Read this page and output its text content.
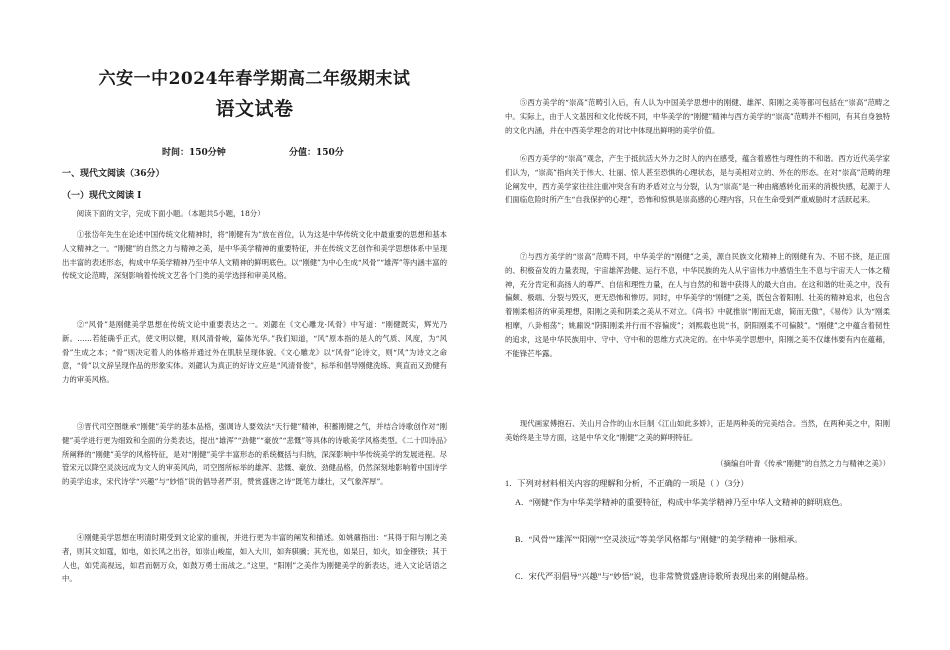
六安一中2024年春学期高二年级期末试
语文试卷
时间：150分钟	分值：150分
一、现代文阅读（36分）
（一）现代文阅读 Ⅰ

阅读下面的文字，完成下面小题。（本题共5小题，18分）

①张岱年先生在论述中国传统文化精神时，将“刚健有为”放在首位，认为这是中华传统文化中最重要的思想和基本人文精神之一。“刚健”的自然之力与精神之美，是中华美学精神的重要特征，并在传统文艺创作和美学思想体系中呈现出丰富的表述形态，构成中华美学精神乃至中华人文精神的鲜明底色。以“刚健”为中心生成“风骨”“雄浑”等内涵丰富的传统文论范畴，深刻影响着传统文艺各个门类的美学选择和审美风格。

②“风骨”是刚健美学思想在传统文论中重要表达之一。刘勰在《文心雕龙·风骨》中写道：“刚健既实，辉光乃新。……若能确乎正式，使文明以健，则风清骨峻，篇体光华。”我们知道，“风”原本指的是人的气质、风度，为“风骨”生成之本；“骨”则决定着人的体格并通过外在肌肤呈现体貌。《文心雕龙》以“风骨”论诗文，则“风”为诗文之命意，“骨”以文辞呈现作品的形象实体。刘勰认为真正的好诗文应是“风清骨俊”，标举和倡导刚健洗练、爽直而又劲健有力的审美风格。

③晋代司空图继承“刚健”美学的基本品格，强调诗人要效法“天行健”精神，积蓄刚健之气，并结合诗歌创作对“刚健”美学进行更为细致和全面的分类表达，提出“雄浑”“劲健”“豪放”“悲慨”等具体的诗歌美学风格类型。《二十四诗品》所阐释的“刚健”美学的风格特征，是对“刚健”美学丰富形态的系统概括与归纳，深深影响中华传统美学的发展进程。尽管宋元以降空灵淡远成为文人的审美风尚，司空图所标举的雄浑、悲慨、豪放、劲健品格，仍然深刻地影响着中国诗学的美学追求，宋代诗学“兴趣”与“妙悟”说的倡导者严羽，赞赏盛唐之诗“既笔力雄壮，又气象浑厚”。

④刚健美学思想在明清时期受到文论家的重视，并进行更为丰富的阐发和描述。如姚鼐指出：“其得于阳与刚之美者，则其文如霆，如电，如长风之出谷，如崇山峻崖，如入大川，如奔骐骥；其光也，如杲日，如火，如金镠铁；其于人也，如凭高视远，如君而朝万众，如鼓万勇士而战之。”这里，“阳刚”之美作为刚健美学的新表达，进入文论话语之中。

⑤西方美学的“崇高”范畴引入后，有人认为中国美学思想中的刚健、雄浑、阳刚之美等都可包括在“崇高”范畴之中。实际上，由于人文基因和文化传统不同，中华美学的“刚健”精神与西方美学的“崇高”范畴并不相同，有其自身独特的文化内涵，并在中西美学理念的对比中体现出鲜明的美学价值。

⑥西方美学的“崇高”观念，产生于抵抗活大外力之时人的内在感受，蕴含着感性与理性的不和谐。西方近代美学家们认为，“崇高”指向关于伟大、壮丽、惊人甚至恐惧的心理状态，是与美相对立的、外在的形态。在对“崇高”范畴的理论阐发中，西方美学家往往注重冲突含有的矛盾对立与分裂，认为“崇高”是一种由痛感转化而来的消极快感，起源于人们面临危险时所产生“自我保护的心理”，恐怖和惊惧是崇高感的心理内容，只在生命受到严重威胁时才活跃起来。

⑦与西方美学的“崇高”范畴不同，中华美学的“刚健”之美，源自民族文化精神上的刚健有为、不屈不挠，是正面的、积极奋发的力量表现，宇宙雄浑劲健、运行不息，中华民族的先人从宇宙伟力中感悟生生不息与宇宙天人一体之精神，充分肯定和高扬人的尊严、自信和理性力量，在人与自然的和谐中获得人的最大自由。在这和谐的壮美之中，没有偏颇、极端、分裂与毁灭，更无恐怖和惨厉。同时，中华美学的“刚健”之美，既包含着阳刚、壮美的精神追求，也包含着刚柔相济的审美理想，阳刚之美和阴柔之美从不对立。《尚书》中就推崇“刚而无虐，简而无傲”，《易传》认为“刚柔相摩，八卦相荡”；姚鼐说“阴阳刚柔并行而不容偏废”；刘熙载也说“书，阴阳刚柔不可偏陂”。“刚健”之中蕴含着韧性的追求，这是中华民族用中、守中、守中和的思维方式决定的。在中华美学思想中，阳刚之美不仅雄伟要有内在蕴藉，不能锋芒毕露。

现代画家傅抱石、关山月合作的山水巨制《江山如此多娇》，正是两种美的完美结合。当然，在两种美之中，阳刚美始终是主导方面，这是中华文化“刚健”之美的鲜明特征。

（摘编自叶青《传承“刚健”的自然之力与精神之美》）

1．下列对材料相关内容的理解和分析，不正确的一项是（ ）（3分）

A．“刚健”作为中华美学精神的重要特征，构成中华美学精神乃至中华人文精神的鲜明底色。

B．“风骨”“雄浑”“阳刚”“空灵淡远”等美学风格都与“刚健”的美学精神一脉相承。

C．宋代严羽倡导“兴趣”与“妙悟”说，也非常赞赏盛唐诗歌所表现出来的刚健品格。
